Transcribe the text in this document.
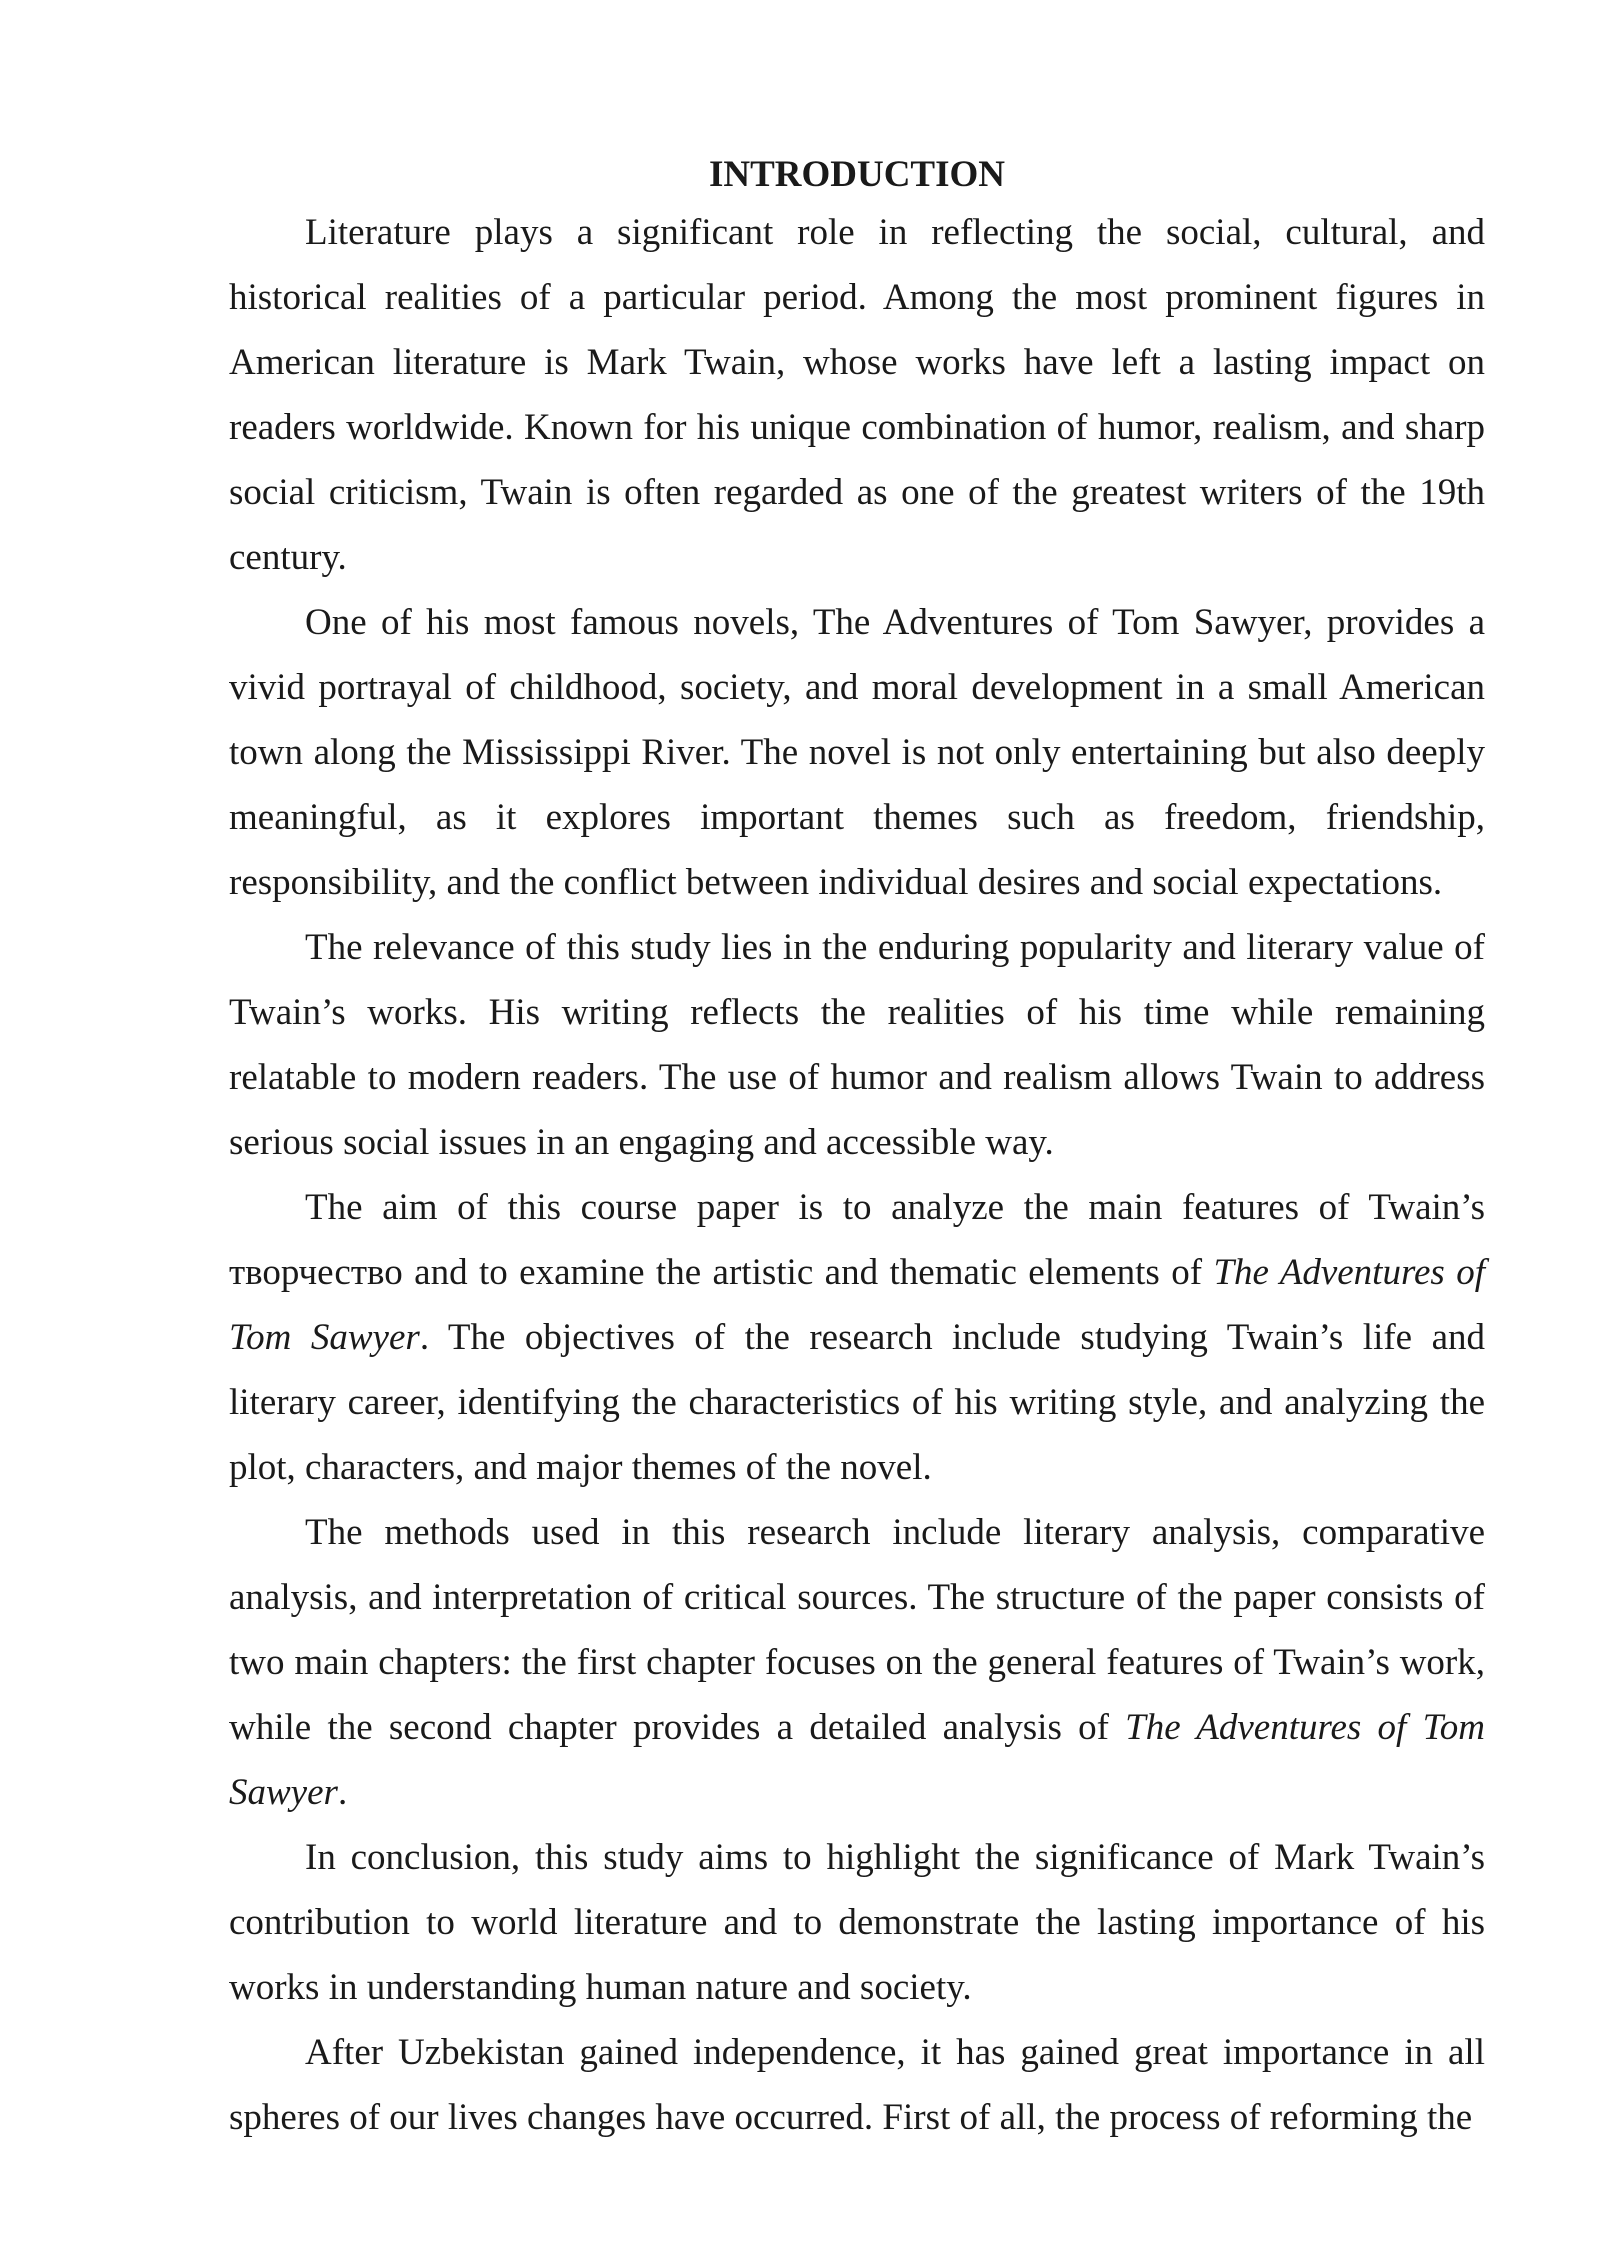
INTRODUCTION

Literature plays a significant role in reflecting the social, cultural, and historical realities of a particular period. Among the most prominent figures in American literature is Mark Twain, whose works have left a lasting impact on readers worldwide. Known for his unique combination of humor, realism, and sharp social criticism, Twain is often regarded as one of the greatest writers of the 19th century.

One of his most famous novels, The Adventures of Tom Sawyer, provides a vivid portrayal of childhood, society, and moral development in a small American town along the Mississippi River. The novel is not only entertaining but also deeply meaningful, as it explores important themes such as freedom, friendship, responsibility, and the conflict between individual desires and social expectations.

The relevance of this study lies in the enduring popularity and literary value of Twain’s works. His writing reflects the realities of his time while remaining relatable to modern readers. The use of humor and realism allows Twain to address serious social issues in an engaging and accessible way.

The aim of this course paper is to analyze the main features of Twain’s творчество and to examine the artistic and thematic elements of The Adventures of Tom Sawyer. The objectives of the research include studying Twain’s life and literary career, identifying the characteristics of his writing style, and analyzing the plot, characters, and major themes of the novel.

The methods used in this research include literary analysis, comparative analysis, and interpretation of critical sources. The structure of the paper consists of two main chapters: the first chapter focuses on the general features of Twain’s work, while the second chapter provides a detailed analysis of The Adventures of Tom Sawyer.

In conclusion, this study aims to highlight the significance of Mark Twain’s contribution to world literature and to demonstrate the lasting importance of his works in understanding human nature and society.

After Uzbekistan gained independence, it has gained great importance in all spheres of our lives changes have occurred. First of all, the process of reforming the
